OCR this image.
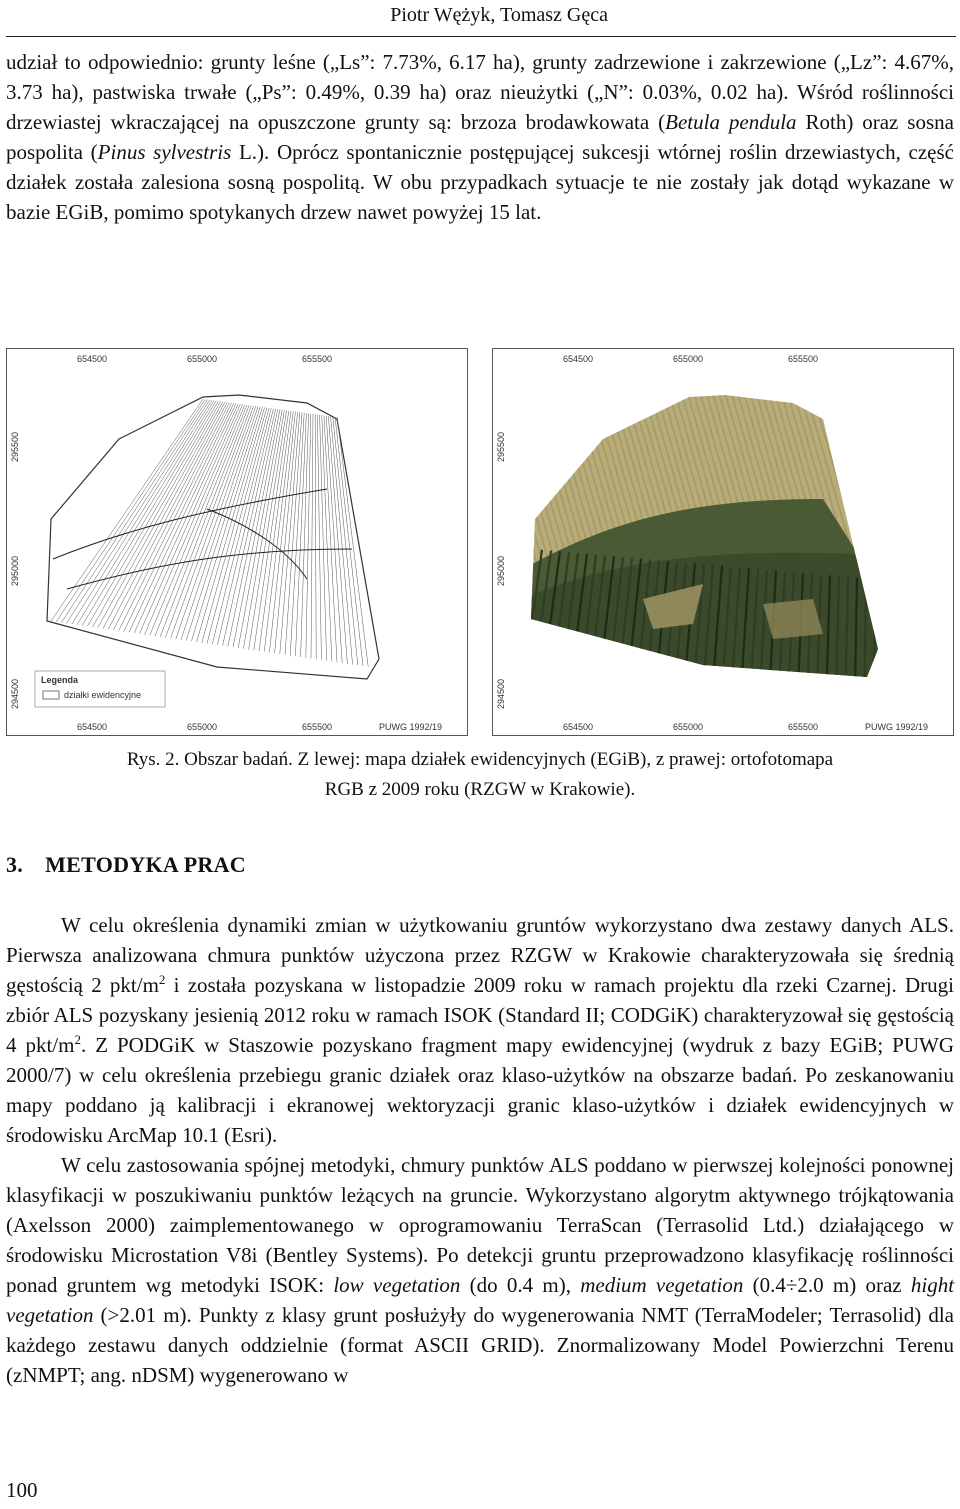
Piotr Wężyk, Tomasz Gęca

udział to odpowiednio: grunty leśne („Ls”: 7.73%, 6.17 ha), grunty zadrzewione i zakrzewione („Lz”: 4.67%, 3.73 ha), pastwiska trwałe („Ps”: 0.49%, 0.39 ha) oraz nieużytki („N”: 0.03%, 0.02 ha). Wśród roślinności drzewiastej wkraczającej na opuszczone grunty są: brzoza brodawkowata (Betula pendula Roth) oraz sosna pospolita (Pinus sylvestris L.). Oprócz spontanicznie postępującej sukcesji wtórnej roślin drzewiastych, część działek została zalesiona sosną pospolitą. W obu przypadkach sytuacje te nie zostały jak dotąd wykazane w bazie EGiB, pomimo spotykanych drzew nawet powyżej 15 lat.

654500	655000	655500
654500	655000	655500
294500
295000
295500
Legenda
działki ewidencyjne
PUWG 1992/19
654500	655000	655500
654500	655000	655500
294500
295000
295500
PUWG 1992/19
Rys. 2. Obszar badań. Z lewej: mapa działek ewidencyjnych (EGiB), z prawej: ortofotomapa RGB z 2009 roku (RZGW w Krakowie).
3. METODYKA PRAC

W celu określenia dynamiki zmian w użytkowaniu gruntów wykorzystano dwa zestawy danych ALS. Pierwsza analizowana chmura punktów użyczona przez RZGW w Krakowie charakteryzowała się średnią gęstością 2 pkt/$m^2$ i została pozyskana w listopadzie 2009 roku w ramach projektu dla rzeki Czarnej. Drugi zbiór ALS pozyskany jesienią 2012 roku w ramach ISOK (Standard II; CODGiK) charakteryzował się gęstością 4 pkt/$m^2$. Z PODGiK w Staszowie pozyskano fragment mapy ewidencyjnej (wydruk z bazy EGiB; PUWG 2000/7) w celu określenia przebiegu granic działek oraz klaso-użytków na obszarze badań. Po zeskanowaniu mapy poddano ją kalibracji i ekranowej wektoryzacji granic klaso-użytków i działek ewidencyjnych w środowisku ArcMap 10.1 (Esri).

W celu zastosowania spójnej metodyki, chmury punktów ALS poddano w pierwszej kolejności ponownej klasyfikacji w poszukiwaniu punktów leżących na gruncie. Wykorzystano algorytm aktywnego trójkątowania (Axelsson 2000) zaimplementowanego w oprogramowaniu TerraScan (Terrasolid Ltd.) działającego w środowisku Microstation V8i (Bentley Systems). Po detekcji gruntu przeprowadzono klasyfikację roślinności ponad gruntem wg metodyki ISOK: low vegetation (do 0.4 m), medium vegetation (0.4÷2.0 m) oraz hight vegetation (>2.01 m). Punkty z klasy grunt posłużyły do wygenerowania NMT (TerraModeler; Terrasolid) dla każdego zestawu danych oddzielnie (format ASCII GRID). Znormalizowany Model Powierzchni Terenu (zNMPT; ang. nDSM) wygenerowano w

100
